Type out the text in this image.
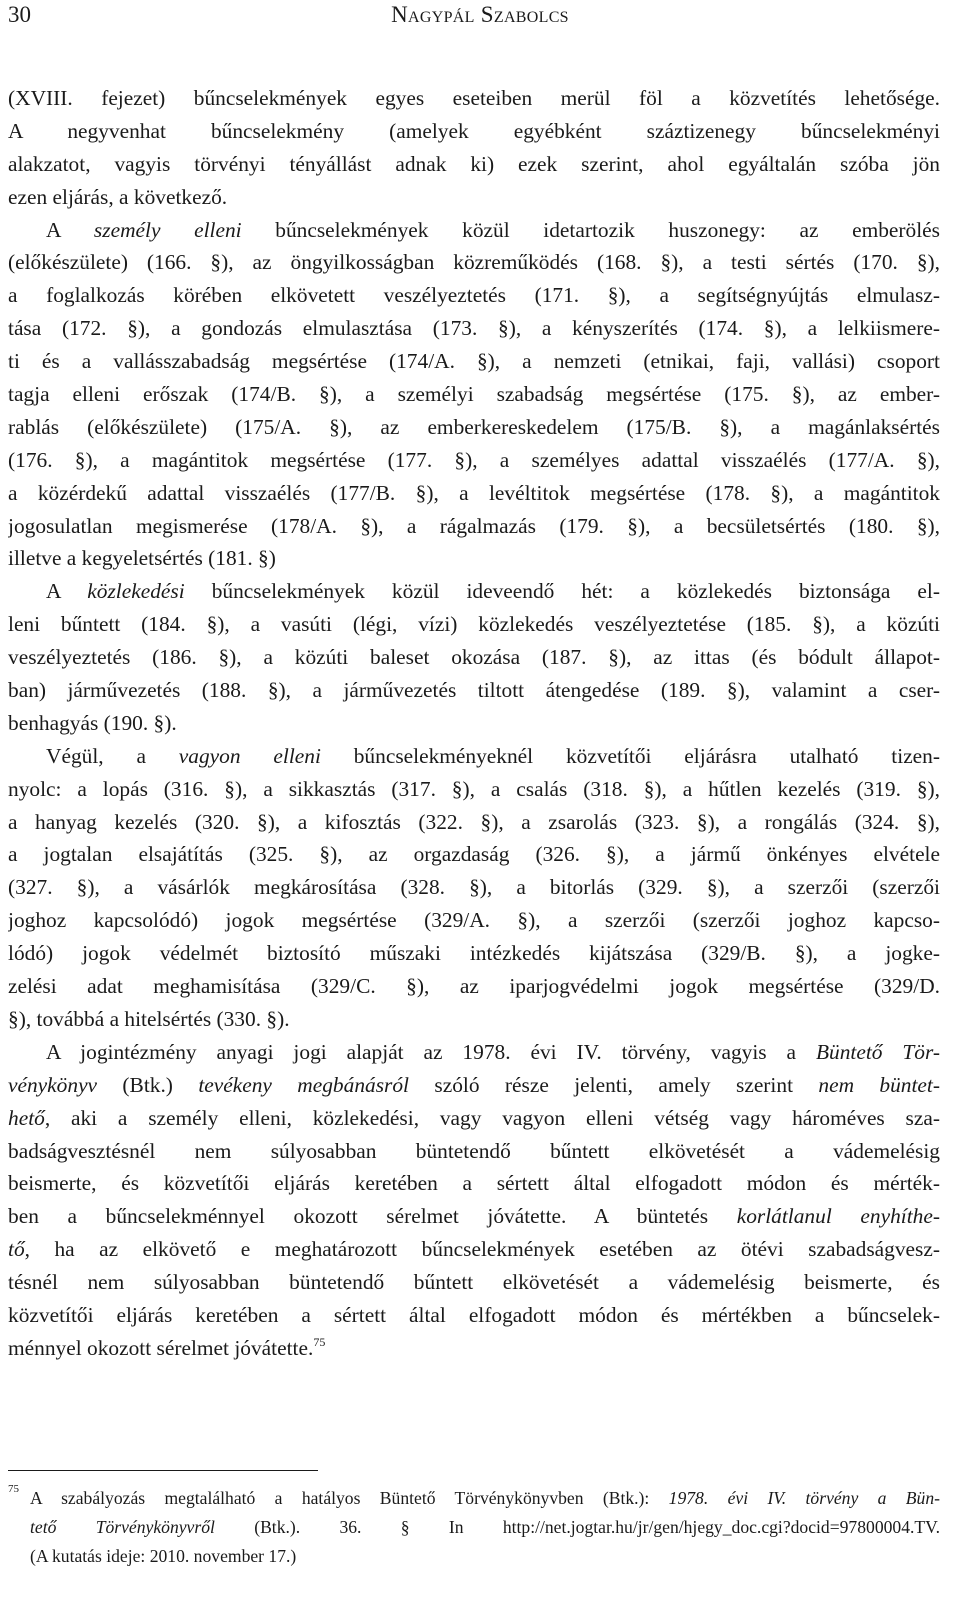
30	Nagypál Szabolcs
(XVIII. fejezet) bűncselekmények egyes eseteiben merül föl a közvetítés lehetősége.
A negyvenhat bűncselekmény (amelyek egyébként száztizenegy bűncselekményi
alakzatot, vagyis törvényi tényállást adnak ki) ezek szerint, ahol egyáltalán szóba jön
ezen eljárás, a következő.
A személy elleni bűncselekmények közül idetartozik huszonegy: az emberölés
(előkészülete) (166. §), az öngyilkosságban közreműködés (168. §), a testi sértés (170. §),
a foglalkozás körében elkövetett veszélyeztetés (171. §), a segítségnyújtás elmulasz-
tása (172. §), a gondozás elmulasztása (173. §), a kényszerítés (174. §), a lelkiismere-
ti és a vallásszabadság megsértése (174/A. §), a nemzeti (etnikai, faji, vallási) csoport
tagja elleni erőszak (174/B. §), a személyi szabadság megsértése (175. §), az ember-
rablás (előkészülete) (175/A. §), az emberkereskedelem (175/B. §), a magánlaksértés
(176. §), a magántitok megsértése (177. §), a személyes adattal visszaélés (177/A. §),
a közérdekű adattal visszaélés (177/B. §), a levéltitok megsértése (178. §), a magántitok
jogosulatlan megismerése (178/A. §), a rágalmazás (179. §), a becsületsértés (180. §),
illetve a kegyeletsértés (181. §)
A közlekedési bűncselekmények közül ideveendő hét: a közlekedés biztonsága el-
leni bűntett (184. §), a vasúti (légi, vízi) közlekedés veszélyeztetése (185. §), a közúti
veszélyeztetés (186. §), a közúti baleset okozása (187. §), az ittas (és bódult állapot-
ban) járművezetés (188. §), a járművezetés tiltott átengedése (189. §), valamint a cser-
benhagyás (190. §).
Végül, a vagyon elleni bűncselekményeknél közvetítői eljárásra utalható tizen-
nyolc: a lopás (316. §), a sikkasztás (317. §), a csalás (318. §), a hűtlen kezelés (319. §),
a hanyag kezelés (320. §), a kifosztás (322. §), a zsarolás (323. §), a rongálás (324. §),
a jogtalan elsajátítás (325. §), az orgazdaság (326. §), a jármű önkényes elvétele
(327. §), a vásárlók megkárosítása (328. §), a bitorlás (329. §), a szerzői (szerzői
joghoz kapcsolódó) jogok megsértése (329/A. §), a szerzői (szerzői joghoz kapcso-
lódó) jogok védelmét biztosító műszaki intézkedés kijátszása (329/B. §), a jogke-
zelési adat meghamisítása (329/C. §), az iparjogvédelmi jogok megsértése (329/D.
§), továbbá a hitelsértés (330. §).
A jogintézmény anyagi jogi alapját az 1978. évi IV. törvény, vagyis a Büntető Tör-
vénykönyv (Btk.) tevékeny megbánásról szóló része jelenti, amely szerint nem büntet-
hető, aki a személy elleni, közlekedési, vagy vagyon elleni vétség vagy hároméves sza-
badságvesztésnél nem súlyosabban büntetendő bűntett elkövetését a vádemelésig
beismerte, és közvetítői eljárás keretében a sértett által elfogadott módon és mérték-
ben a bűncselekménnyel okozott sérelmet jóvátette. A büntetés korlátlanul enyhíthe-
tő, ha az elkövető e meghatározott bűncselekmények esetében az ötévi szabadságvesz-
tésnél nem súlyosabban büntetendő bűntett elkövetését a vádemelésig beismerte, és
közvetítői eljárás keretében a sértett által elfogadott módon és mértékben a bűncselek-
ménnyel okozott sérelmet jóvátette.$^{75}$
75 A szabályozás megtalálható a hatályos Büntető Törvénykönyvben (Btk.): 1978. évi IV. törvény a Bün-
tető Törvénykönyvről (Btk.). 36. § In http://net.jogtar.hu/jr/gen/hjegy_doc.cgi?docid=97800004.TV.
(A kutatás ideje: 2010. november 17.)
